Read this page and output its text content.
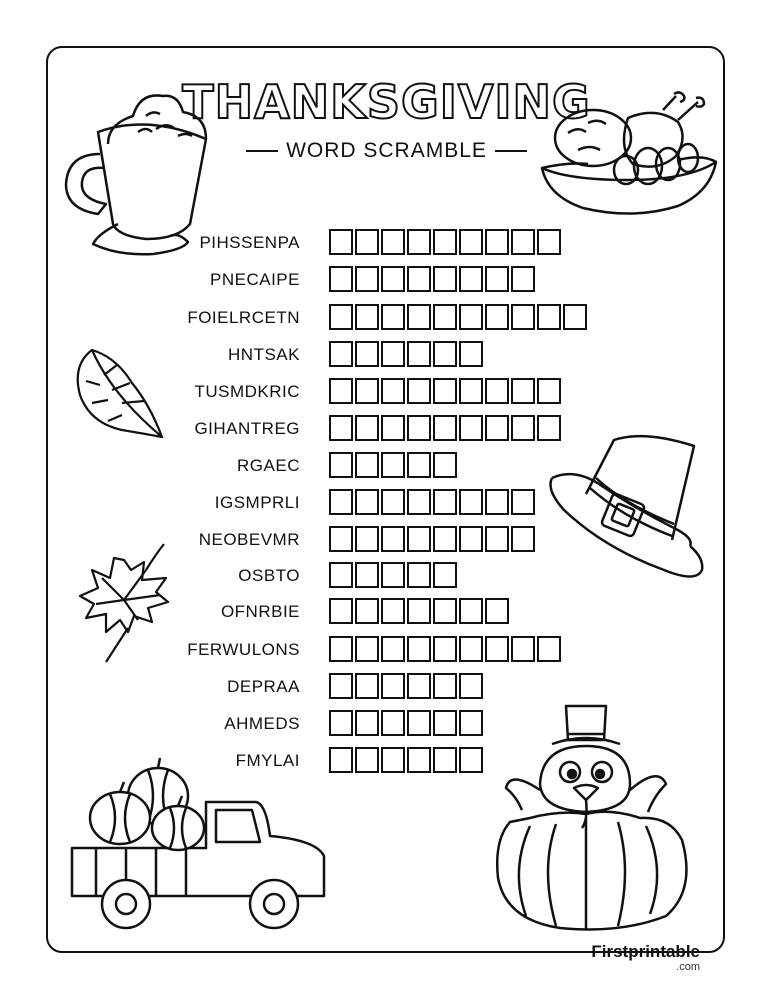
THANKSGIVING
WORD SCRAMBLE
PIHSSENPA
PNECAIPE
FOIELRCETN
HNTSAK
TUSMDKRIC
GIHANTREG
RGAEC
IGSMPRLI
NEOBEVMR
OSBTO
OFNRBIE
FERWULONS
DEPRAA
AHMEDS
FMYLAI
Firstprintable
.com
